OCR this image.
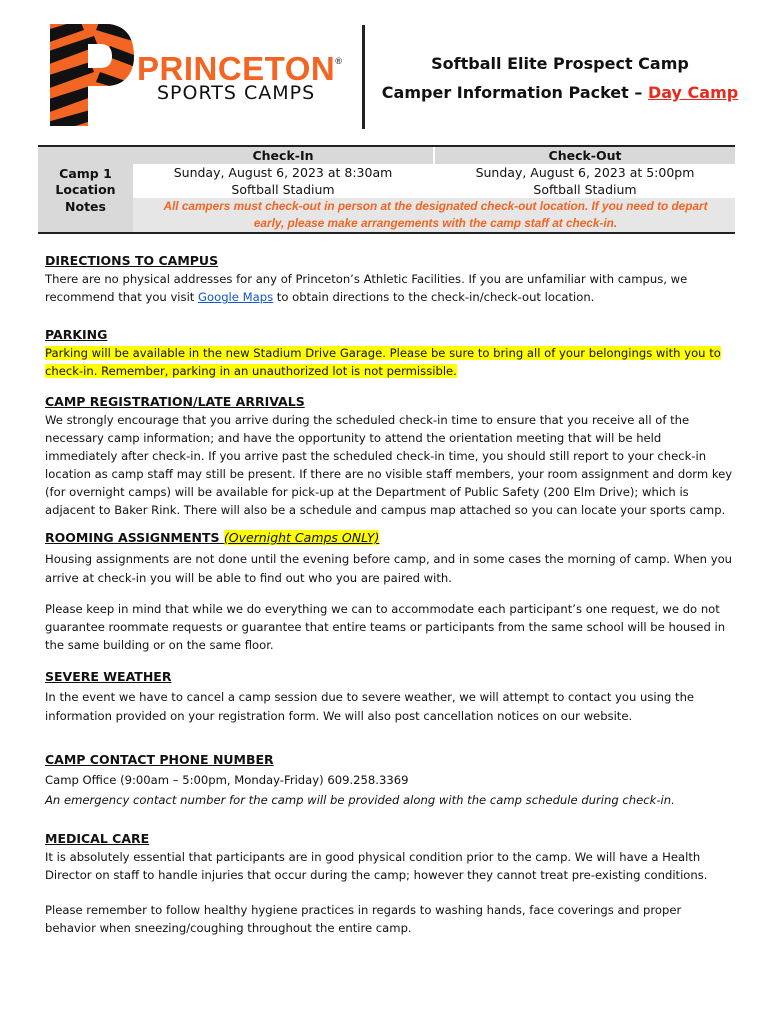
PRINCETON®
SPORTS CAMPS
Softball Elite Prospect Camp
Camper Information Packet – Day Camp
Camp 1
Location
Notes
Check-In	Check-Out
Sunday, August 6, 2023 at 8:30am	Sunday, August 6, 2023 at 5:00pm
Softball Stadium	Softball Stadium
All campers must check-out in person at the designated check-out location. If you need to depart early, please make arrangements with the camp staff at check-in.

DIRECTIONS TO CAMPUS

There are no physical addresses for any of Princeton’s Athletic Facilities. If you are unfamiliar with campus, we recommend that you visit Google Maps to obtain directions to the check-in/check-out location.

PARKING

Parking will be available in the new Stadium Drive Garage. Please be sure to bring all of your belongings with you to check-in. Remember, parking in an unauthorized lot is not permissible.

CAMP REGISTRATION/LATE ARRIVALS

We strongly encourage that you arrive during the scheduled check-in time to ensure that you receive all of the necessary camp information; and have the opportunity to attend the orientation meeting that will be held immediately after check-in. If you arrive past the scheduled check-in time, you should still report to your check-in location as camp staff may still be present. If there are no visible staff members, your room assignment and dorm key (for overnight camps) will be available for pick-up at the Department of Public Safety (200 Elm Drive); which is adjacent to Baker Rink. There will also be a schedule and campus map attached so you can locate your sports camp.

ROOMING ASSIGNMENTS (Overnight Camps ONLY)

Housing assignments are not done until the evening before camp, and in some cases the morning of camp. When you arrive at check-in you will be able to find out who you are paired with.

Please keep in mind that while we do everything we can to accommodate each participant’s one request, we do not guarantee roommate requests or guarantee that entire teams or participants from the same school will be housed in the same building or on the same floor.

SEVERE WEATHER

In the event we have to cancel a camp session due to severe weather, we will attempt to contact you using the information provided on your registration form. We will also post cancellation notices on our website.

CAMP CONTACT PHONE NUMBER

Camp Office (9:00am – 5:00pm, Monday-Friday) 609.258.3369

An emergency contact number for the camp will be provided along with the camp schedule during check-in.

MEDICAL CARE

It is absolutely essential that participants are in good physical condition prior to the camp. We will have a Health Director on staff to handle injuries that occur during the camp; however they cannot treat pre-existing conditions.

Please remember to follow healthy hygiene practices in regards to washing hands, face coverings and proper behavior when sneezing/coughing throughout the entire camp.
